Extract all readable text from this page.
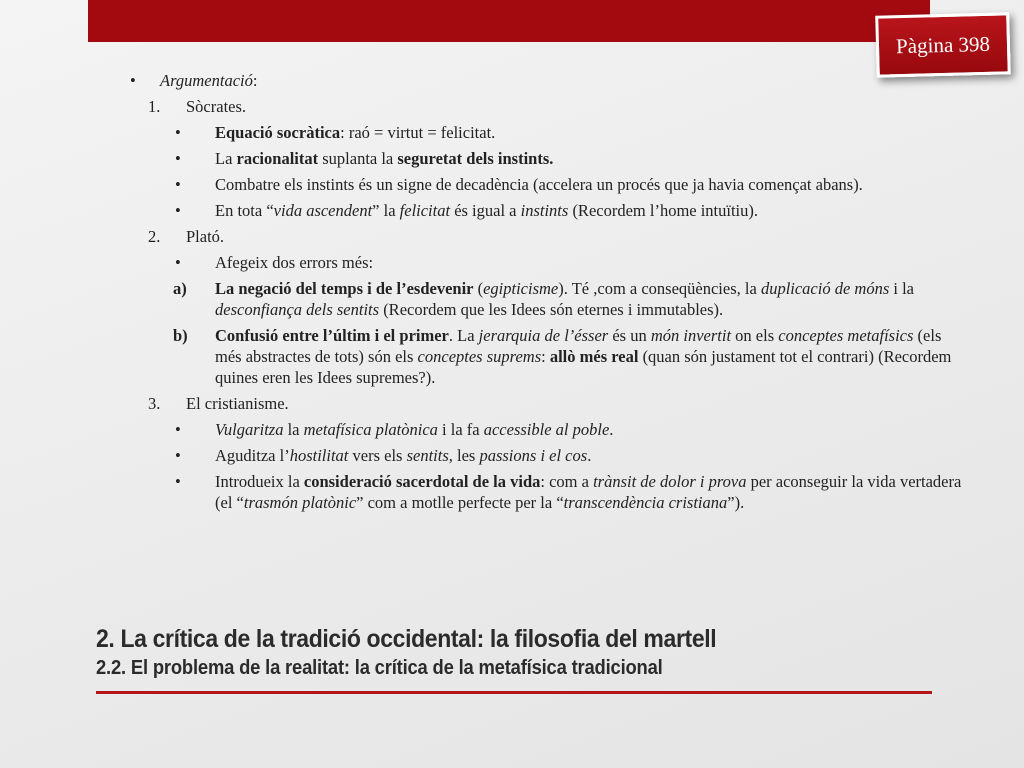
Pàgina 398
• Argumentació:
1. Sòcrates.
• Equació socràtica: raó = virtut = felicitat.
• La racionalitat suplanta la seguretat dels instints.
• Combatre els instints és un signe de decadència (accelera un procés que ja havia començat abans).
• En tota “vida ascendent” la felicitat és igual a instints (Recordem l’home intuïtiu).
2. Plató.
• Afegeix dos errors més:
a) La negació del temps i de l’esdevenir (egipticisme). Té ,com a conseqüències, la duplicació de móns i la desconfiança dels sentits (Recordem que les Idees són eternes i immutables).
b) Confusió entre l’últim i el primer. La jerarquia de l’ésser és un món invertit on els conceptes metafísics (els més abstractes de tots) són els conceptes suprems: allò més real (quan són justament tot el contrari) (Recordem quines eren les Idees supremes?).
3. El cristianisme.
• Vulgaritza la metafísica platònica i la fa accessible al poble.
• Aguditza l’hostilitat vers els sentits, les passions i el cos.
• Introdueix la consideració sacerdotal de la vida: com a trànsit de dolor i prova per aconseguir la vida vertadera (el “trasmón platònic” com a motlle perfecte per la “transcendència cristiana”).
2. La crítica de la tradició occidental: la filosofia del martell
2.2. El problema de la realitat: la crítica de la metafísica tradicional
